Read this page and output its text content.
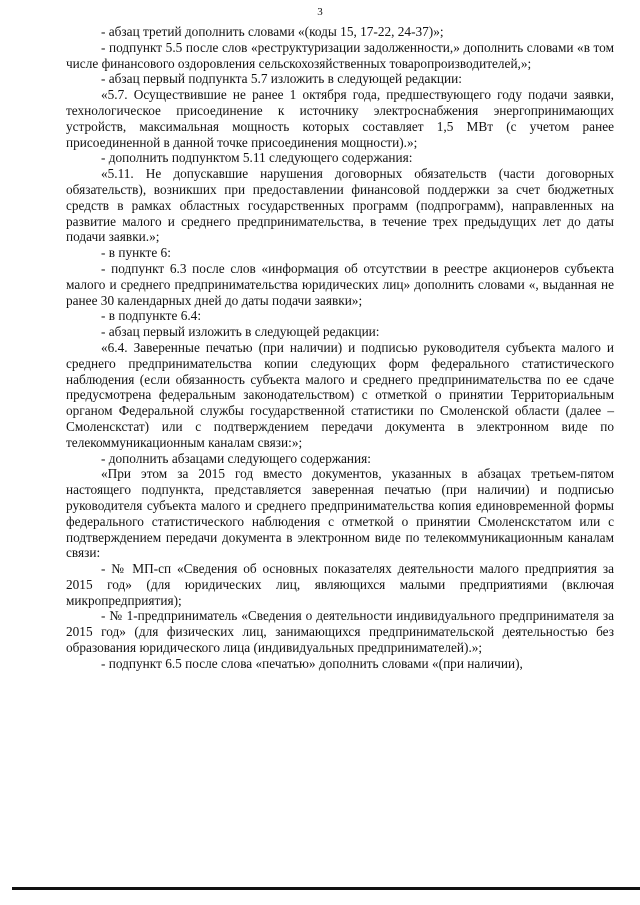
3

- абзац третий дополнить словами «(коды 15, 17-22, 24-37)»;

- подпункт 5.5 после слов «реструктуризации задолженности,» дополнить словами «в том числе финансового оздоровления сельскохозяйственных товаропроизводителей,»;

- абзац первый подпункта 5.7 изложить в следующей редакции:

«5.7. Осуществившие не ранее 1 октября года, предшествующего году подачи заявки, технологическое присоединение к источнику электроснабжения энергопринимающих устройств, максимальная мощность которых составляет 1,5 МВт (с учетом ранее присоединенной в данной точке присоединения мощности).»;

- дополнить подпунктом 5.11 следующего содержания:

«5.11. Не допускавшие нарушения договорных обязательств (части договорных обязательств), возникших при предоставлении финансовой поддержки за счет бюджетных средств в рамках областных государственных программ (подпрограмм), направленных на развитие малого и среднего предпринимательства, в течение трех предыдущих лет до даты подачи заявки.»;

- в пункте 6:

- подпункт 6.3 после слов «информация об отсутствии в реестре акционеров субъекта малого и среднего предпринимательства юридических лиц» дополнить словами «, выданная не ранее 30 календарных дней до даты подачи заявки»;

- в подпункте 6.4:

- абзац первый изложить в следующей редакции:

«6.4. Заверенные печатью (при наличии) и подписью руководителя субъекта малого и среднего предпринимательства копии следующих форм федерального статистического наблюдения (если обязанность субъекта малого и среднего предпринимательства по ее сдаче предусмотрена федеральным законодательством) с отметкой о принятии Территориальным органом Федеральной службы государственной статистики по Смоленской области (далее – Смоленскстат) или с подтверждением передачи документа в электронном виде по телекоммуникационным каналам связи:»;

- дополнить абзацами следующего содержания:

«При этом за 2015 год вместо документов, указанных в абзацах третьем-пятом настоящего подпункта, представляется заверенная печатью (при наличии) и подписью руководителя субъекта малого и среднего предпринимательства копия единовременной формы федерального статистического наблюдения с отметкой о принятии Смоленскстатом или с подтверждением передачи документа в электронном виде по телекоммуникационным каналам связи:

- № МП-сп «Сведения об основных показателях деятельности малого предприятия за 2015 год» (для юридических лиц, являющихся малыми предприятиями (включая микропредприятия);

- № 1-предприниматель «Сведения о деятельности индивидуального предпринимателя за 2015 год» (для физических лиц, занимающихся предпринимательской деятельностью без образования юридического лица (индивидуальных предпринимателей).»;

- подпункт 6.5 после слова «печатью» дополнить словами «(при наличии),
